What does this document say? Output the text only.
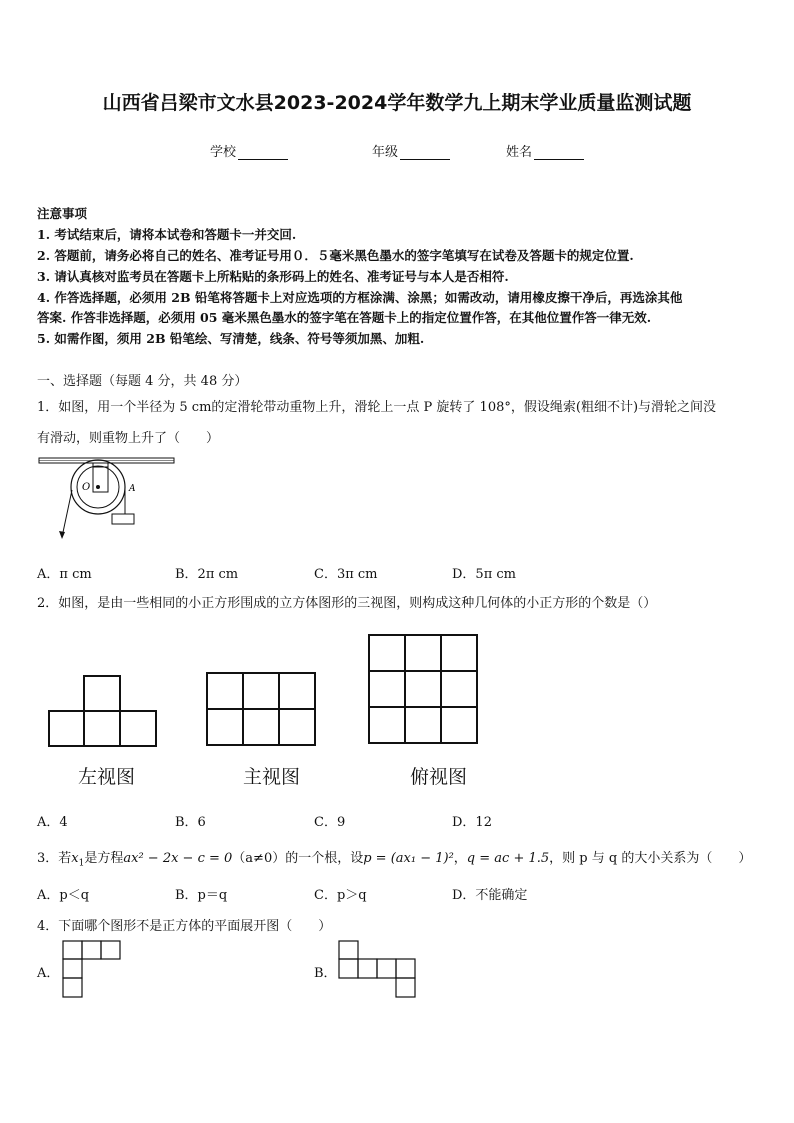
山西省吕梁市文水县2023-2024学年数学九上期末学业质量监测试题
学校	年级	姓名
注意事项
1. 考试结束后，请将本试卷和答题卡一并交回.
2. 答题前，请务必将自己的姓名、准考证号用０．５毫米黑色墨水的签字笔填写在试卷及答题卡的规定位置.
3. 请认真核对监考员在答题卡上所粘贴的条形码上的姓名、准考证号与本人是否相符.
4. 作答选择题，必须用 2B 铅笔将答题卡上对应选项的方框涂满、涂黑；如需改动，请用橡皮擦干净后，再选涂其他
答案. 作答非选择题，必须用 05 毫米黑色墨水的签字笔在答题卡上的指定位置作答，在其他位置作答一律无效.
5. 如需作图，须用 2B 铅笔绘、写清楚，线条、符号等须加黑、加粗.
一、选择题（每题 4 分，共 48 分）
1．如图，用一个半径为 5 cm的定滑轮带动重物上升，滑轮上一点 P 旋转了 108°，假设绳索(粗细不计)与滑轮之间没
有滑动，则重物上升了（　　）
O	A
A．π cm	B．2π cm	C．3π cm	D．5π cm
2．如图，是由一些相同的小正方形围成的立方体图形的三视图，则构成这种几何体的小正方形的个数是（）
左视图	主视图	俯视图
A．4	B．6	C．9	D．12
3．若$x_1$是方程ax² − 2x − c = 0（a≠0）的一个根，设p = (ax₁ − 1)²，q = ac + 1.5，则 p 与 q 的大小关系为（　　）
A．p＜q	B．p＝q	C．p＞q	D．不能确定
4．下面哪个图形不是正方体的平面展开图（　　）
A．	B．
